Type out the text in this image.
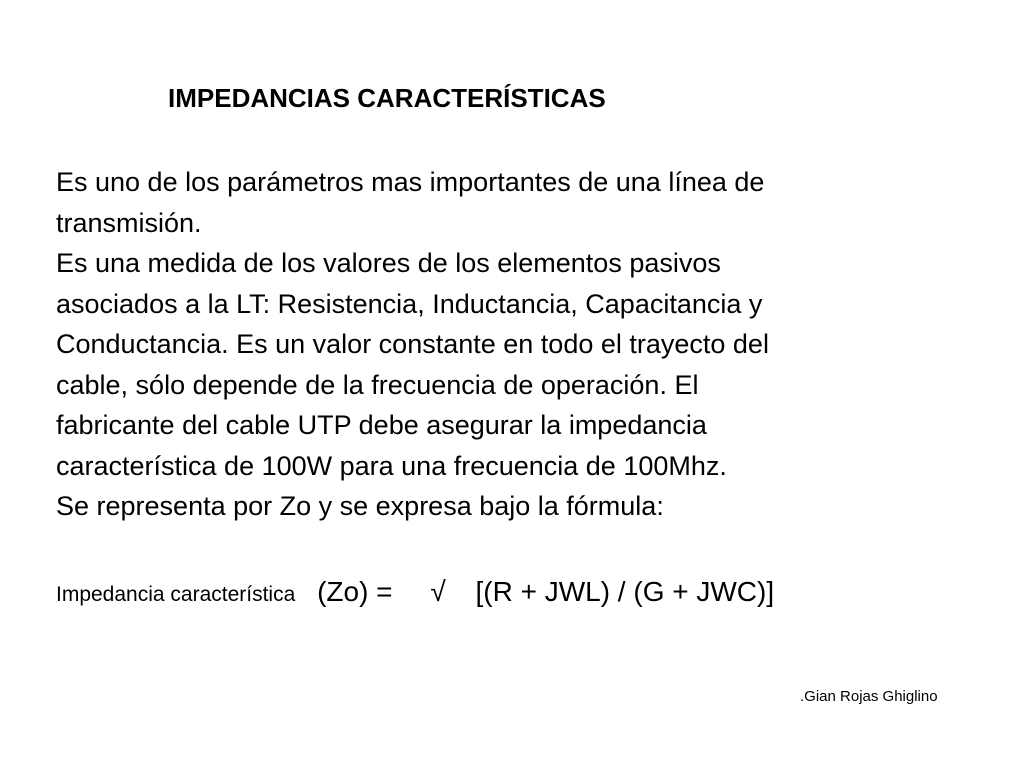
IMPEDANCIAS CARACTERÍSTICAS
Es uno de los parámetros mas importantes de una línea de
transmisión.
Es una medida de los valores de los elementos pasivos
asociados a la LT: Resistencia, Inductancia, Capacitancia y
Conductancia. Es un valor constante en todo el trayecto del
cable, sólo depende de la frecuencia de operación. El
fabricante del cable UTP debe asegurar la impedancia
característica de 100W para una frecuencia de 100Mhz.
Se representa por Zo y se expresa bajo la fórmula:
Impedancia característica (Zo) = √ [(R + JWL) / (G + JWC)]
.Gian Rojas Ghiglino
